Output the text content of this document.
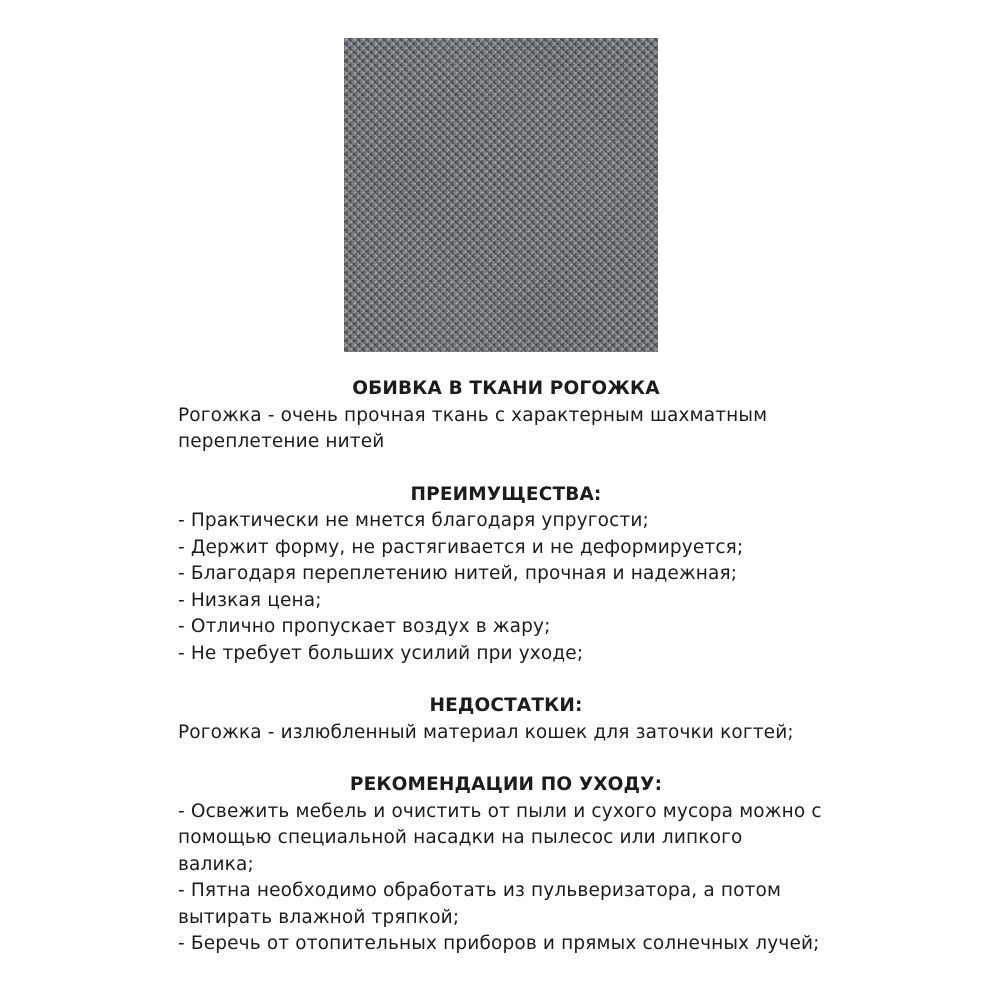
ОБИВКА В ТКАНИ РОГОЖКА
Рогожка - очень прочная ткань с характерным шахматным
переплетение нитей
ПРЕИМУЩЕСТВА:
- Практически не мнется благодаря упругости;
- Держит форму, не растягивается и не деформируется;
- Благодаря переплетению нитей, прочная и надежная;
- Низкая цена;
- Отлично пропускает воздух в жару;
- Не требует больших усилий при уходе;
НЕДОСТАТКИ:
Рогожка - излюбленный материал кошек для заточки когтей;
РЕКОМЕНДАЦИИ ПО УХОДУ:
- Освежить мебель и очистить от пыли и сухого мусора можно с
помощью специальной насадки на пылесос или липкого
валика;
- Пятна необходимо обработать из пульверизатора, а потом
вытирать влажной тряпкой;
- Беречь от отопительных приборов и прямых солнечных лучей;
